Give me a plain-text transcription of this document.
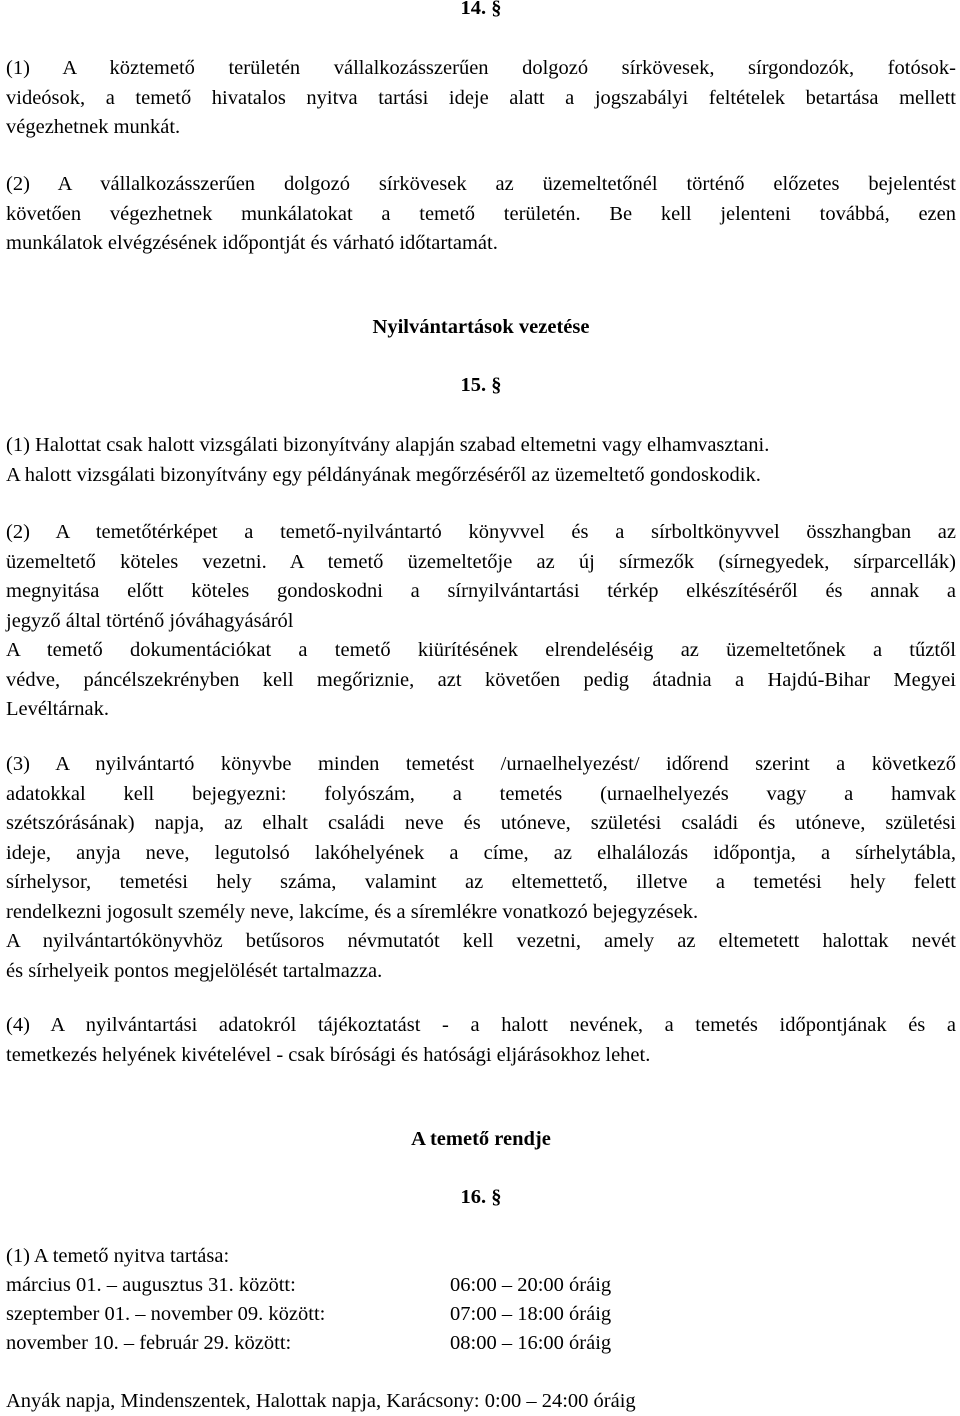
14. §
(1) A köztemető területén vállalkozásszerűen dolgozó sírkövesek, sírgondozók, fotósok-
videósok, a temető hivatalos nyitva tartási ideje alatt a jogszabályi feltételek betartása mellett
végezhetnek munkát.
(2) A vállalkozásszerűen dolgozó sírkövesek az üzemeltetőnél történő előzetes bejelentést
követően végezhetnek munkálatokat a temető területén. Be kell jelenteni továbbá, ezen
munkálatok elvégzésének időpontját és várható időtartamát.
Nyilvántartások vezetése
15. §
(1) Halottat csak halott vizsgálati bizonyítvány alapján szabad eltemetni vagy elhamvasztani.
A halott vizsgálati bizonyítvány egy példányának megőrzéséről az üzemeltető gondoskodik.
(2) A temetőtérképet a temető-nyilvántartó könyvvel és a sírboltkönyvvel összhangban az
üzemeltető köteles vezetni. A temető üzemeltetője az új sírmezők (sírnegyedek, sírparcellák)
megnyitása előtt köteles gondoskodni a sírnyilvántartási térkép elkészítéséről és annak a
jegyző által történő jóváhagyásáról
A temető dokumentációkat a temető kiürítésének elrendeléséig az üzemeltetőnek a tűztől
védve, páncélszekrényben kell megőriznie, azt követően pedig átadnia a Hajdú-Bihar Megyei
Levéltárnak.
(3) A nyilvántartó könyvbe minden temetést /urnaelhelyezést/ időrend szerint a következő
adatokkal kell bejegyezni: folyószám, a temetés (urnaelhelyezés vagy a hamvak
szétszórásának) napja, az elhalt családi neve és utóneve, születési családi és utóneve, születési
ideje, anyja neve, legutolsó lakóhelyének a címe, az elhalálozás időpontja, a sírhelytábla,
sírhelysor, temetési hely száma, valamint az eltemettető, illetve a temetési hely felett
rendelkezni jogosult személy neve, lakcíme, és a síremlékre vonatkozó bejegyzések.
A nyilvántartókönyvhöz betűsoros névmutatót kell vezetni, amely az eltemetett halottak nevét
és sírhelyeik pontos megjelölését tartalmazza.
(4) A nyilvántartási adatokról tájékoztatást - a halott nevének, a temetés időpontjának és a
temetkezés helyének kivételével - csak bírósági és hatósági eljárásokhoz lehet.
A temető rendje
16. §
(1) A temető nyitva tartása:
március 01. – augusztus 31. között:	06:00 – 20:00 óráig
szeptember 01. – november 09. között:	07:00 – 18:00 óráig
november 10. – február 29. között:	08:00 – 16:00 óráig
Anyák napja, Mindenszentek, Halottak napja, Karácsony: 0:00 – 24:00 óráig
